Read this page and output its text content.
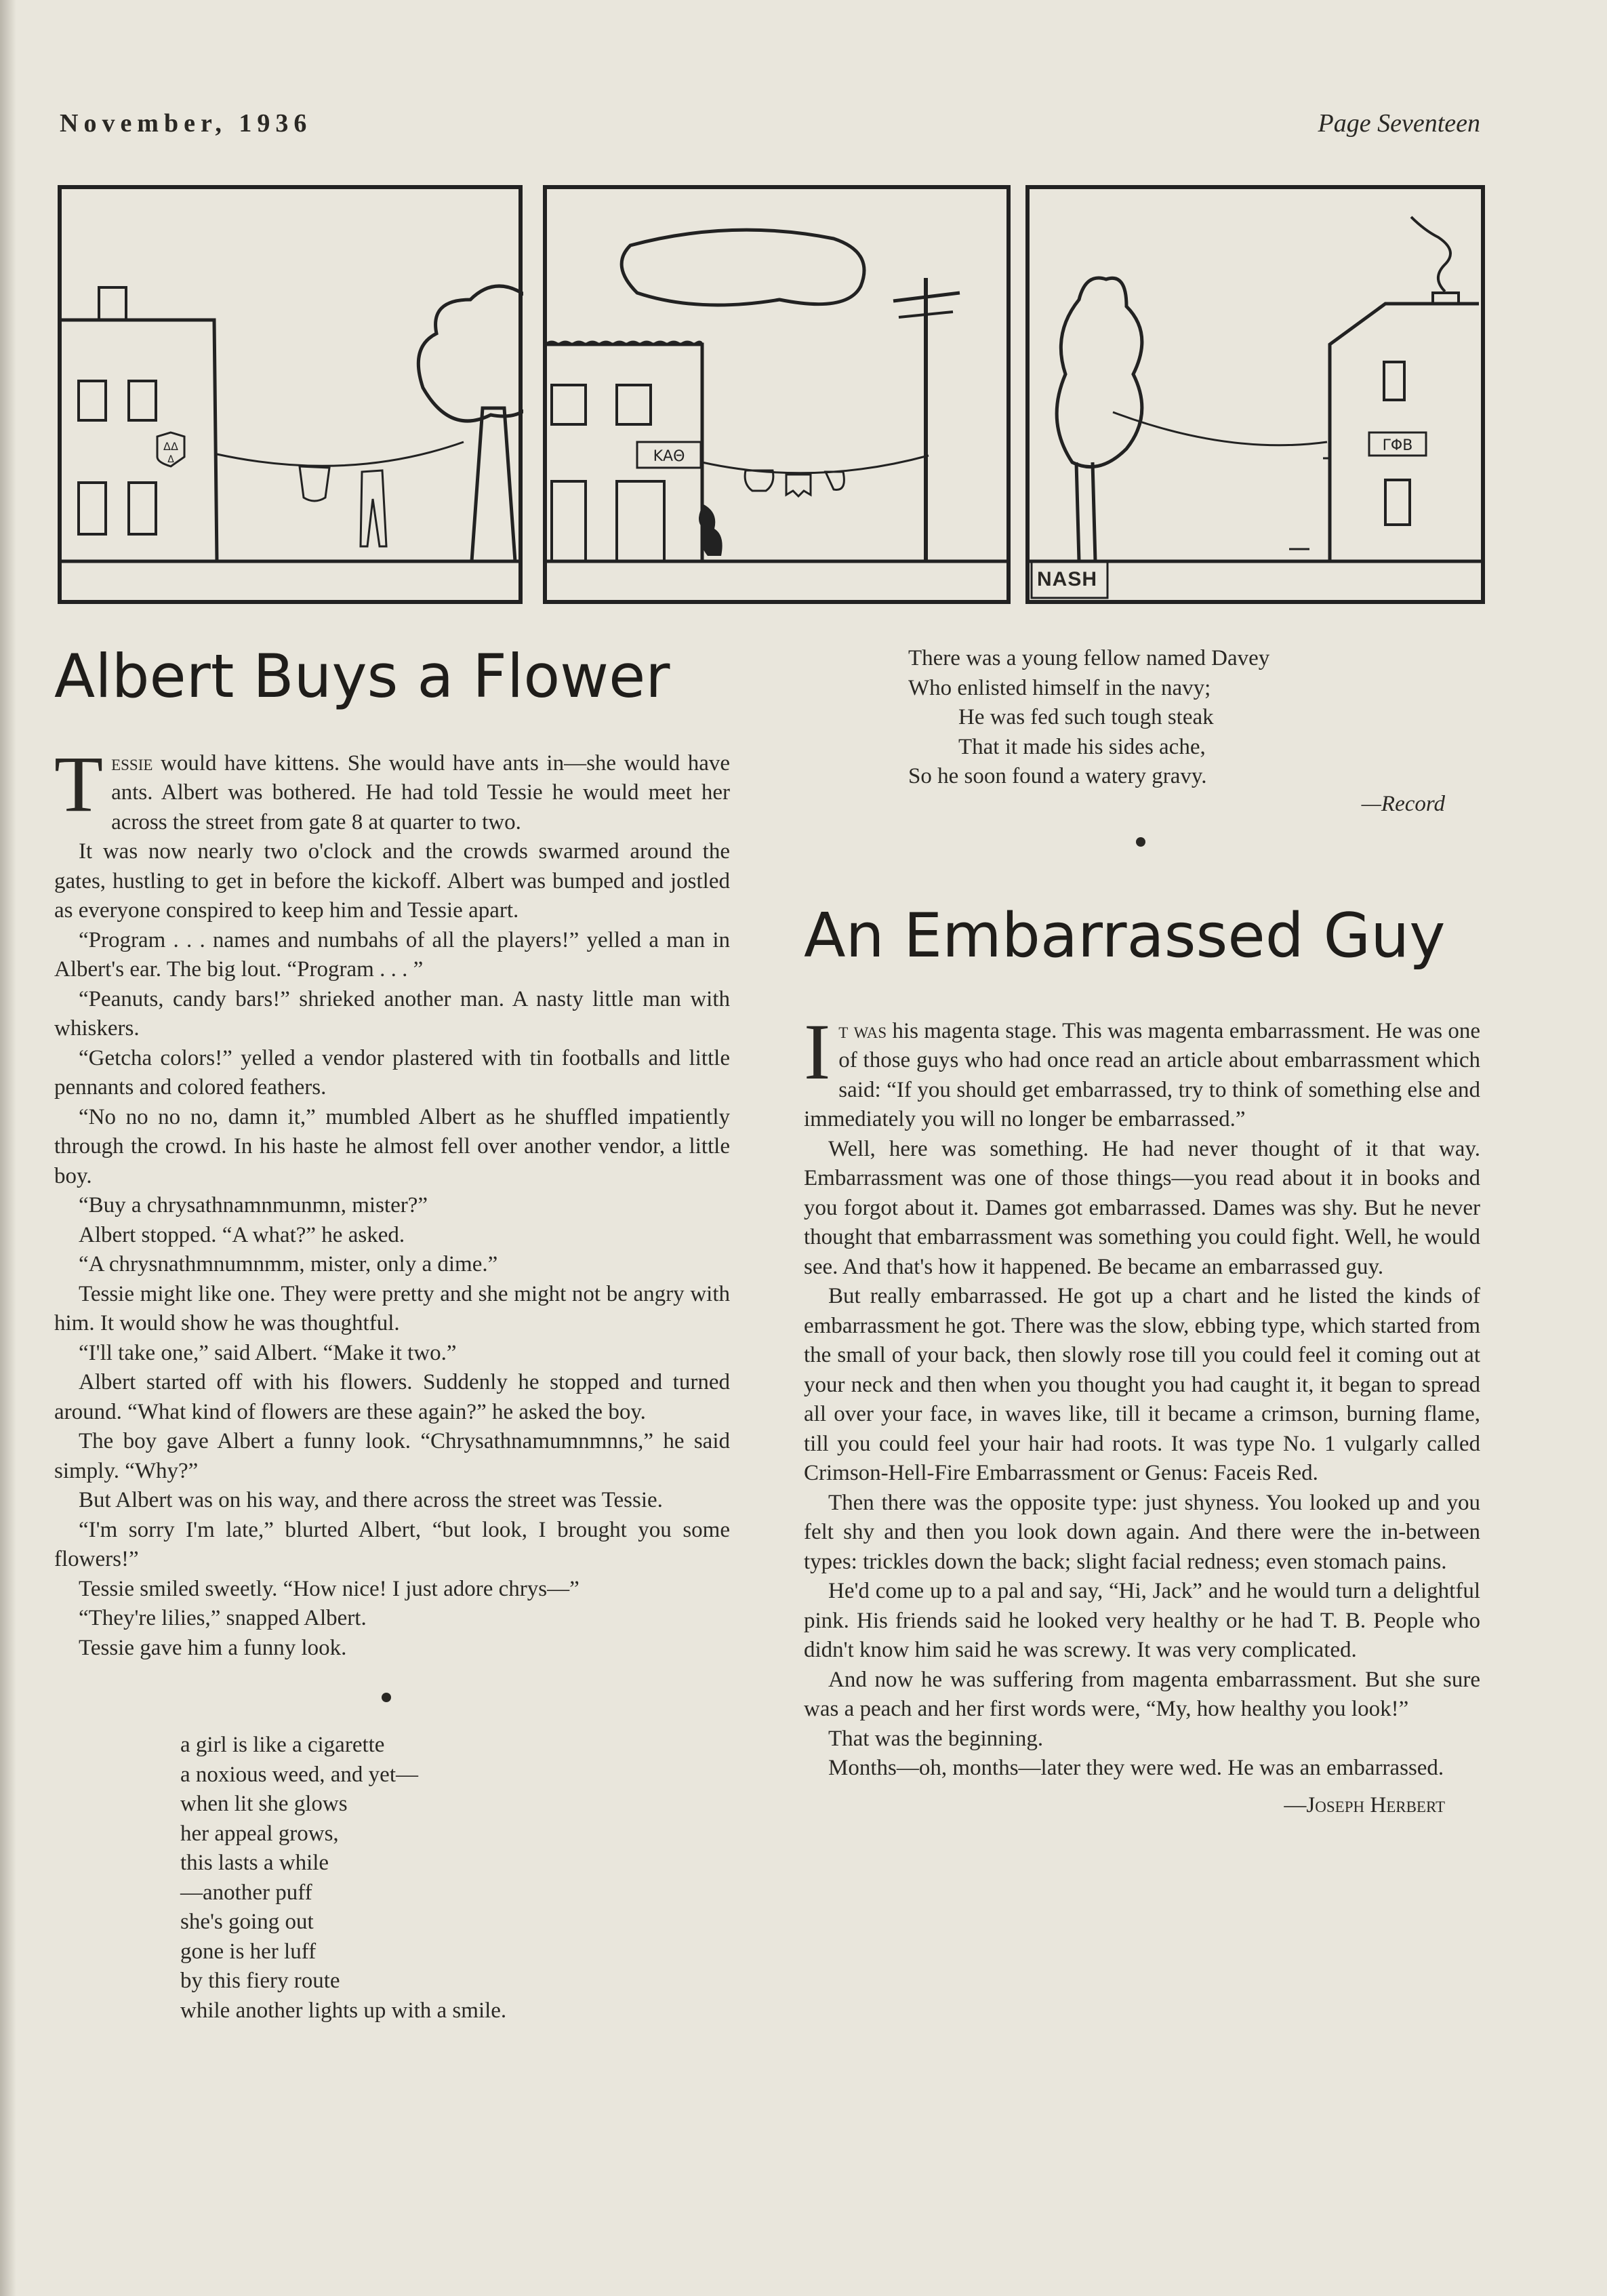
November, 1936	Page Seventeen
ΔΔ
Δ	ΚΑΘ
ΓΦΒ
NASH
Albert Buys a Flower

Tessie would have kittens. She would have ants in—she would have ants. Albert was bothered. He had told Tessie he would meet her across the street from gate 8 at quarter to two.

It was now nearly two o'clock and the crowds swarmed around the gates, hustling to get in before the kickoff. Albert was bumped and jostled as everyone conspired to keep him and Tessie apart.

“Program . . . names and numbahs of all the players!” yelled a man in Albert's ear. The big lout. “Program . . . ”

“Peanuts, candy bars!” shrieked another man. A nasty little man with whiskers.

“Getcha colors!” yelled a vendor plastered with tin footballs and little pennants and colored feathers.

“No no no no, damn it,” mumbled Albert as he shuffled impatiently through the crowd. In his haste he almost fell over another vendor, a little boy.

“Buy a chrysathnamnmunmn, mister?”

Albert stopped. “A what?” he asked.

“A chrysnathmnumnmm, mister, only a dime.”

Tessie might like one. They were pretty and she might not be angry with him. It would show he was thoughtful.

“I'll take one,” said Albert. “Make it two.”

Albert started off with his flowers. Suddenly he stopped and turned around. “What kind of flowers are these again?” he asked the boy.

The boy gave Albert a funny look. “Chrysathnamumnmnns,” he said simply. “Why?”

But Albert was on his way, and there across the street was Tessie.

“I'm sorry I'm late,” blurted Albert, “but look, I brought you some flowers!”

Tessie smiled sweetly. “How nice! I just adore chrys—”

“They're lilies,” snapped Albert.

Tessie gave him a funny look.

a girl is like a cigarette
a noxious weed, and yet—
when lit she glows
her appeal grows,
this lasts a while
—another puff
she's going out
gone is her luff
by this fiery route
while another lights up with a smile.
There was a young fellow named Davey
Who enlisted himself in the navy;
He was fed such tough steak
That it made his sides ache,
So he soon found a watery gravy.
—Record
An Embarrassed Guy

It was his magenta stage. This was magenta embarrassment. He was one of those guys who had once read an article about embarrassment which said: “If you should get embarrassed, try to think of something else and immediately you will no longer be embarrassed.”

Well, here was something. He had never thought of it that way. Embarrassment was one of those things—you read about it in books and you forgot about it. Dames got embarrassed. Dames was shy. But he never thought that embarrassment was something you could fight. Well, he would see. And that's how it happened. Be became an embarrassed guy.

But really embarrassed. He got up a chart and he listed the kinds of embarrassment he got. There was the slow, ebbing type, which started from the small of your back, then slowly rose till you could feel it coming out at your neck and then when you thought you had caught it, it began to spread all over your face, in waves like, till it became a crimson, burning flame, till you could feel your hair had roots. It was type No. 1 vulgarly called Crimson-Hell-Fire Embarrassment or Genus: Faceis Red.

Then there was the opposite type: just shyness. You looked up and you felt shy and then you look down again. And there were the in-between types: trickles down the back; slight facial redness; even stomach pains.

He'd come up to a pal and say, “Hi, Jack” and he would turn a delightful pink. His friends said he looked very healthy or he had T. B. People who didn't know him said he was screwy. It was very complicated.

And now he was suffering from magenta embarrassment. But she sure was a peach and her first words were, “My, how healthy you look!”

That was the beginning.

Months—oh, months—later they were wed. He was an embarrassed.

—Joseph Herbert
